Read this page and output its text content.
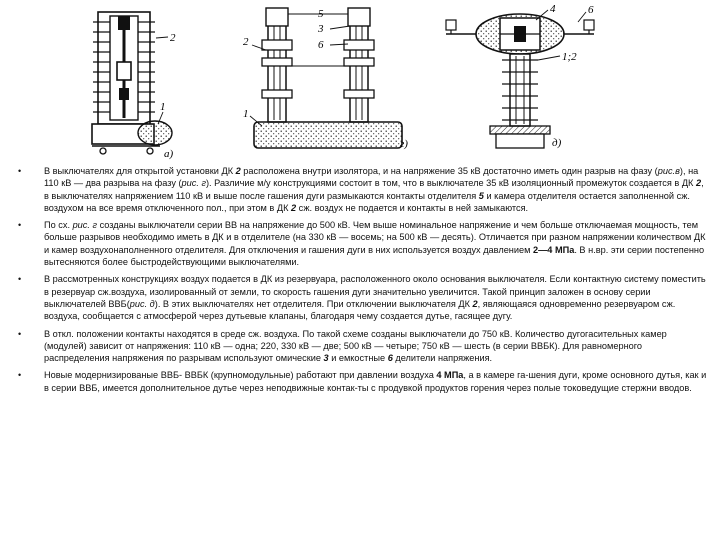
2
1
а)
5
3
2	6
1
г)
4	6
1;2
д)
• В выключателях для открытой установки ДК 2 расположена внутри изолятора, и на напряжение 35 кВ достаточно иметь один разрыв на фазу (рис.в), на 110 кВ — два разрыва на фазу (рис. г). Различие м/у конструкциями состоит в том, что в выключателе 35 кВ изоляционный промежуток создается в ДК 2, в выключателях напряжением 110 кВ и выше после гашения дуги размыкаются контакты отделителя 5 и камера отделителя остается заполненной сж. воздухом на все время отключенного пол., при этом в ДК 2 сж. воздух не подается и контакты в ней замыкаются.
• По сх. рис. г созданы выключатели серии ВВ на напряжение до 500 кВ. Чем выше номинальное напряжение и чем больше отключаемая мощность, тем больше разрывов необходимо иметь в ДК и в отделителе (на 330 кВ — восемь; на 500 кВ — десять). Отличается при разном напряжении количеством ДК и камер воздухонаполненного отделителя. Для отключения и гашения дуги в них используется воздух давлением 2—4 МПа. В н.вр. эти серии постепенно вытесняются более быстродействующими выключателями.
• В рассмотренных конструкциях воздух подается в ДК из резервуара, расположенного около основания выключателя. Если контактную систему поместить в резервуар сж.воздуха, изолированный от земли, то скорость гашения дуги значительно увеличится. Такой принцип заложен в основу серии выключателей ВВБ(рис. д). В этих выключателях нет отделителя. При отключении выключателя ДК 2, являющаяся одновременно резервуаром сж. воздуха, сообщается с атмосферой через дутьевые клапаны, благодаря чему создается дутье, гасящее дугу.
• В откл. положении контакты находятся в среде сж. воздуха. По такой схеме созданы выключатели до 750 кВ. Количество дугогасительных камер (модулей) зависит от напряжения: 110 кВ — одна; 220, 330 кВ — две; 500 кВ — четыре; 750 кВ — шесть (в серии ВВБК). Для равномерного распределения напряжения по разрывам используют омические 3 и емкостные 6 делители напряжения.
• Новые модернизированые ВВБ- ВВБК (крупномодульные) работают при давлении воздуха 4 МПа, а в камере га-шения дуги, кроме основного дутья, как и в серии ВВБ, имеется дополнительное дутье через неподвижные контак-ты с продувкой продуктов горения через полые токоведущие стержни вводов.
